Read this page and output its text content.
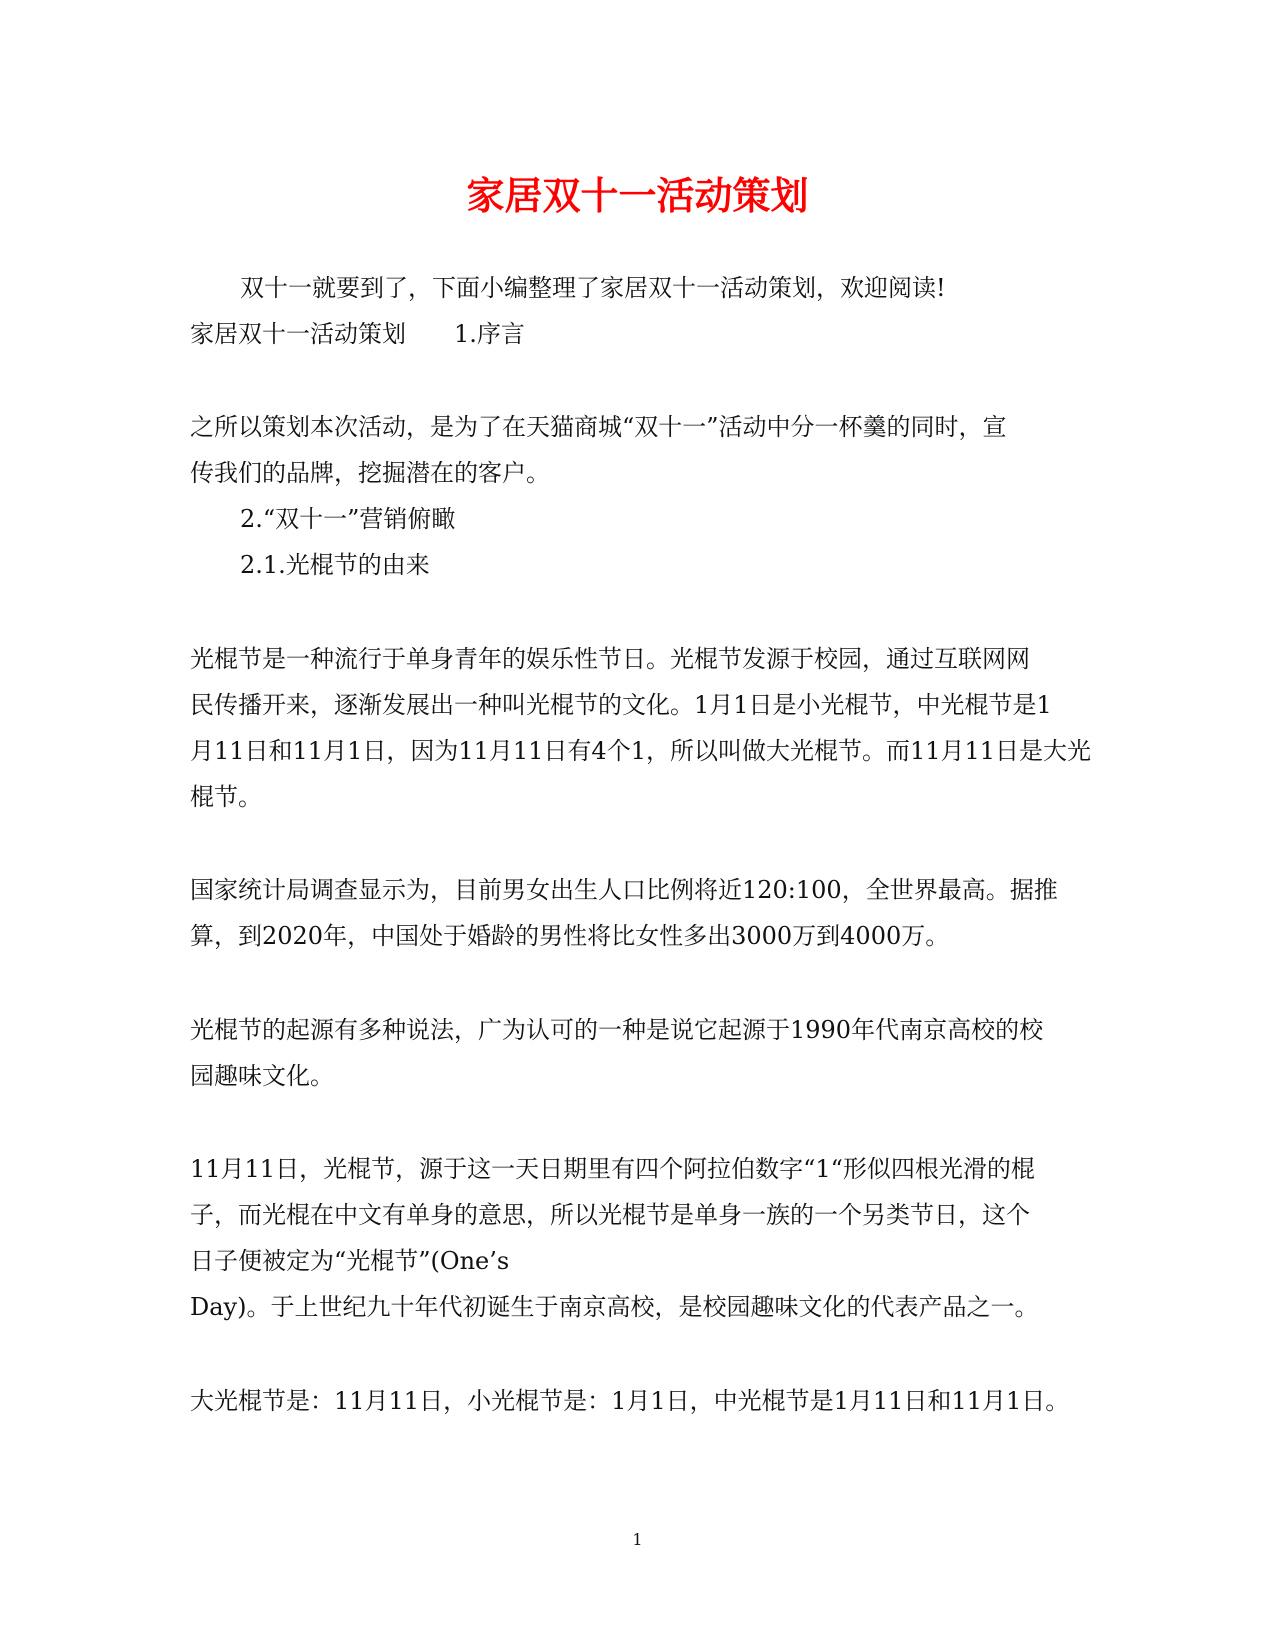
家居双十一活动策划

双十一就要到了，下面小编整理了家居双十一活动策划，欢迎阅读!

家居双十一活动策划　　1.序言

之所以策划本次活动，是为了在天猫商城“双十一”活动中分一杯羹的同时，宣

传我们的品牌，挖掘潜在的客户。

2.“双十一”营销俯瞰

2.1.光棍节的由来

光棍节是一种流行于单身青年的娱乐性节日。光棍节发源于校园，通过互联网网

民传播开来，逐渐发展出一种叫光棍节的文化。1月1日是小光棍节，中光棍节是1

月11日和11月1日，因为11月11日有4个1，所以叫做大光棍节。而11月11日是大光

棍节。

国家统计局调查显示为，目前男女出生人口比例将近120:100，全世界最高。据推

算，到2020年，中国处于婚龄的男性将比女性多出3000万到4000万。

光棍节的起源有多种说法，广为认可的一种是说它起源于1990年代南京高校的校

园趣味文化。

11月11日，光棍节，源于这一天日期里有四个阿拉伯数字“1“形似四根光滑的棍

子，而光棍在中文有单身的意思，所以光棍节是单身一族的一个另类节日，这个

日子便被定为“光棍节”(One’s

Day)。于上世纪九十年代初诞生于南京高校，是校园趣味文化的代表产品之一。

大光棍节是：11月11日，小光棍节是：1月1日，中光棍节是1月11日和11月1日。

1
